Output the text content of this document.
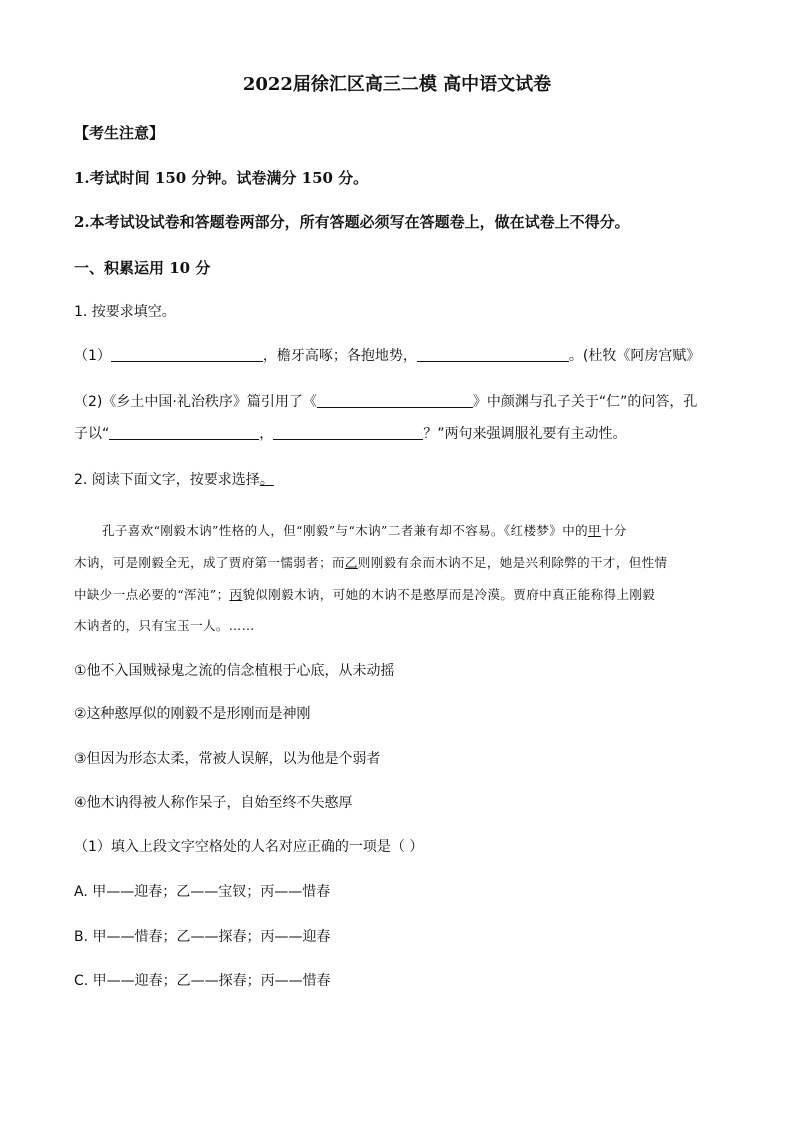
2022届徐汇区高三二模 高中语文试卷
【考生注意】
1.考试时间 150 分钟。试卷满分 150 分。
2.本考试设试卷和答题卷两部分，所有答题必须写在答题卷上，做在试卷上不得分。
一、积累运用 10 分
1. 按要求填空。
（1）	，檐牙高啄；各抱地势，	。(杜牧《阿房宫赋》
（2)《乡土中国·礼治秩序》篇引用了《	》中颜渊与孔子关于“仁”的问答，孔
子以“	，	？”两句来强调服礼要有主动性。
2. 阅读下面文字，按要求选择。
孔子喜欢“刚毅木讷”性格的人，但“刚毅”与“木讷”二者兼有却不容易。《红楼梦》中的甲十分
木讷，可是刚毅全无，成了贾府第一懦弱者；而乙则刚毅有余而木讷不足，她是兴利除弊的干才，但性情
中缺少一点必要的“浑沌”；丙貌似刚毅木讷，可她的木讷不是憨厚而是冷漠。贾府中真正能称得上刚毅
木讷者的，只有宝玉一人。……
①他不入国贼禄鬼之流的信念植根于心底，从未动摇
②这种憨厚似的刚毅不是形刚而是神刚
③但因为形态太柔，常被人误解，以为他是个弱者
④他木讷得被人称作呆子，自始至终不失憨厚
（1）填入上段文字空格处的人名对应正确的一项是（ ）
A. 甲——迎春；乙——宝钗；丙——惜春
B. 甲——惜春；乙——探春；丙——迎春
C. 甲——迎春；乙——探春；丙——惜春
